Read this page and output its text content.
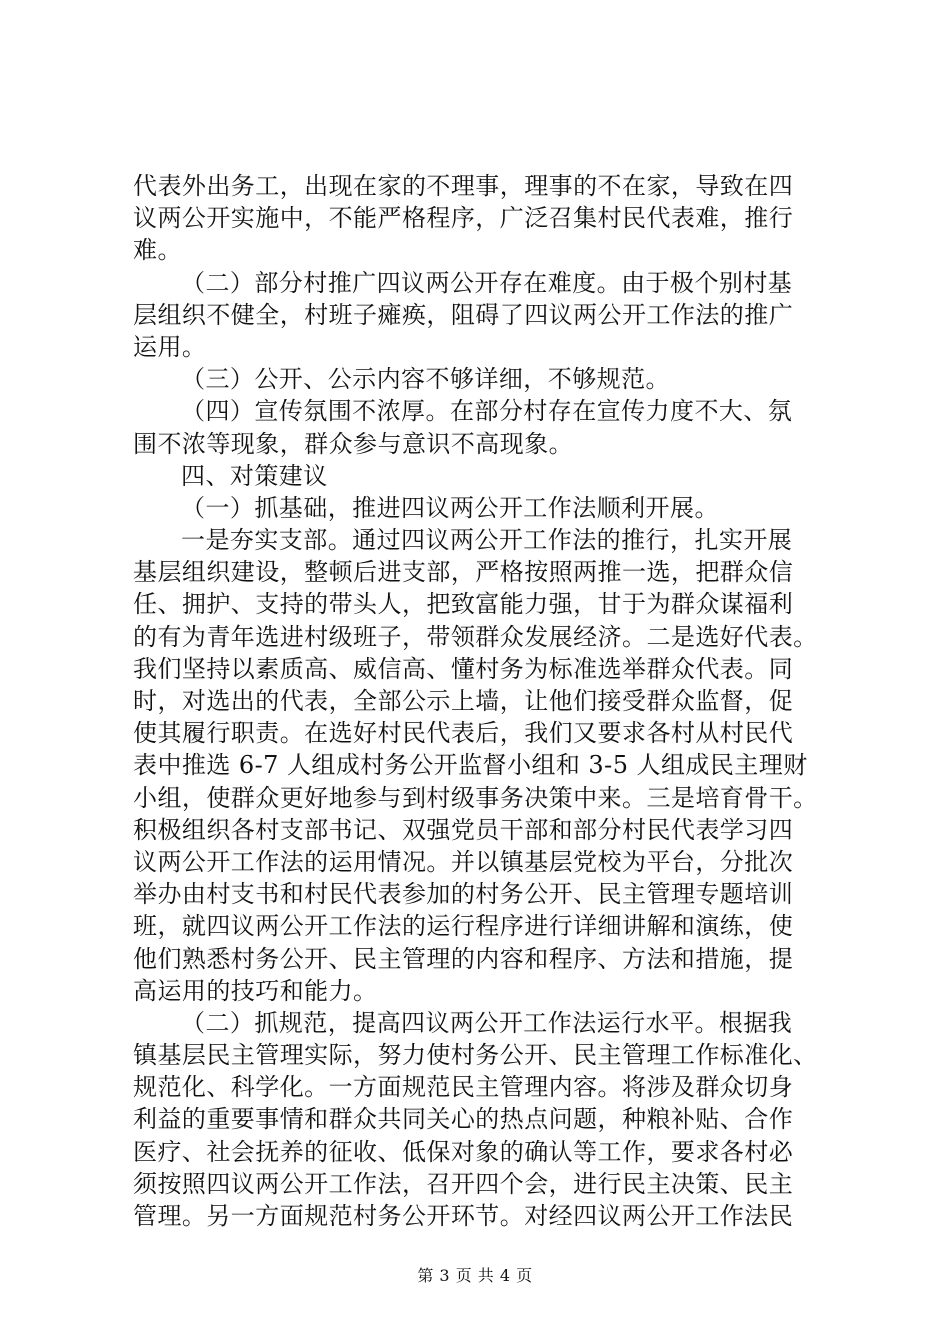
代表外出务工，出现在家的不理事，理事的不在家，导致在四
议两公开实施中，不能严格程序，广泛召集村民代表难，推行
难。
（二）部分村推广四议两公开存在难度。由于极个别村基
层组织不健全，村班子瘫痪，阻碍了四议两公开工作法的推广
运用。
（三）公开、公示内容不够详细，不够规范。
（四）宣传氛围不浓厚。在部分村存在宣传力度不大、氛
围不浓等现象，群众参与意识不高现象。
四、对策建议
（一）抓基础，推进四议两公开工作法顺利开展。
一是夯实支部。通过四议两公开工作法的推行，扎实开展
基层组织建设，整顿后进支部，严格按照两推一选，把群众信
任、拥护、支持的带头人，把致富能力强，甘于为群众谋福利
的有为青年选进村级班子，带领群众发展经济。二是选好代表。
我们坚持以素质高、威信高、懂村务为标准选举群众代表。同
时，对选出的代表，全部公示上墙，让他们接受群众监督，促
使其履行职责。在选好村民代表后，我们又要求各村从村民代
表中推选 6-7 人组成村务公开监督小组和 3-5 人组成民主理财
小组，使群众更好地参与到村级事务决策中来。三是培育骨干。
积极组织各村支部书记、双强党员干部和部分村民代表学习四
议两公开工作法的运用情况。并以镇基层党校为平台，分批次
举办由村支书和村民代表参加的村务公开、民主管理专题培训
班，就四议两公开工作法的运行程序进行详细讲解和演练，使
他们熟悉村务公开、民主管理的内容和程序、方法和措施，提
高运用的技巧和能力。
（二）抓规范，提高四议两公开工作法运行水平。根据我
镇基层民主管理实际，努力使村务公开、民主管理工作标准化、
规范化、科学化。一方面规范民主管理内容。将涉及群众切身
利益的重要事情和群众共同关心的热点问题，种粮补贴、合作
医疗、社会抚养的征收、低保对象的确认等工作，要求各村必
须按照四议两公开工作法，召开四个会，进行民主决策、民主
管理。另一方面规范村务公开环节。对经四议两公开工作法民
第 3 页 共 4 页
